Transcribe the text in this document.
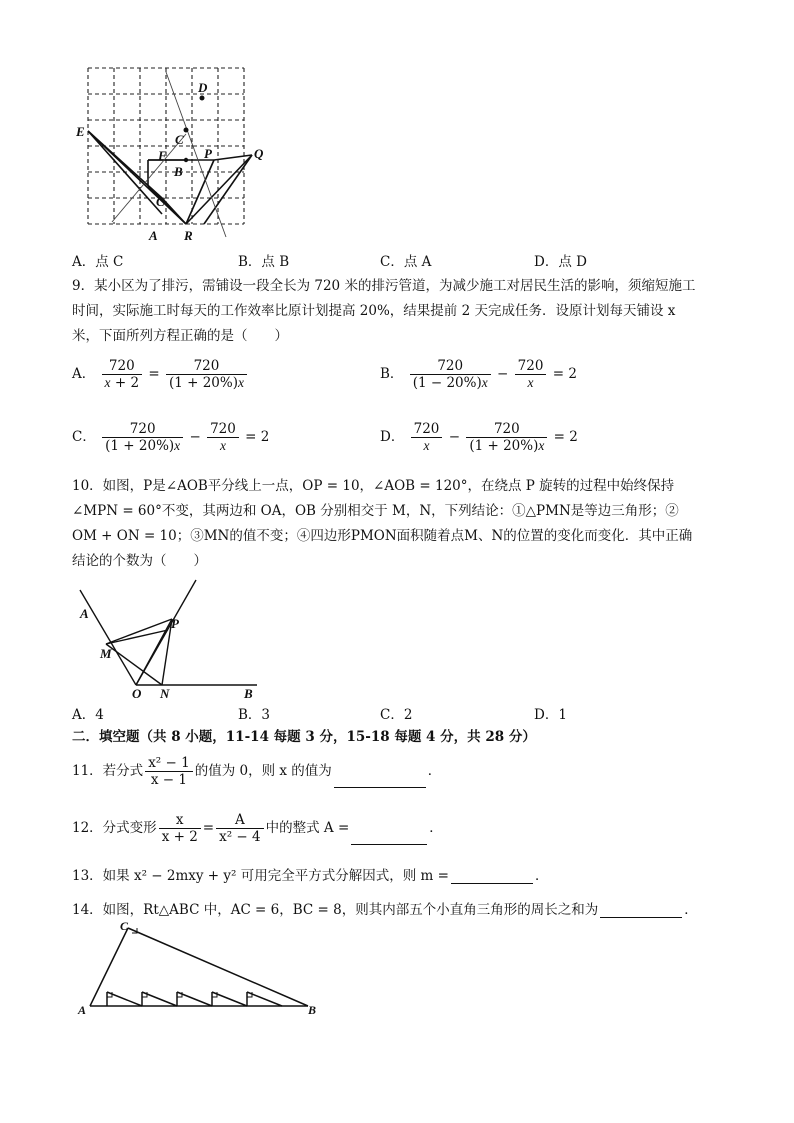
D
C
E
F	P	Q
B
C
A R
A．点 C	B．点 B	C．点 A	D．点 D
9．某小区为了排污，需铺设一段全长为 720 米的排污管道，为减少施工对居民生活的影响，须缩短施工
时间，实际施工时每天的工作效率比原计划提高 20%，结果提前 2 天完成任务．设原计划每天铺设 x
米，下面所列方程正确的是（　　）
A． $\frac{720}{x + 2} = \frac{720}{(1 + 20\%)x}$	B． $\frac{720}{(1 - 20\%)x} - \frac{720}{x} = 2$
C． $\frac{720}{(1 + 20\%)x} - \frac{720}{x} = 2$	D． $\frac{720}{x} - \frac{720}{(1 + 20\%)x} = 2$
10．如图，P是∠AOB平分线上一点，OP = 10，∠AOB = 120°，在绕点 P 旋转的过程中始终保持
∠MPN = 60°不变，其两边和 OA，OB 分别相交于 M，N，下列结论：①△PMN是等边三角形；②
OM + ON = 10；③MN的值不变；④四边形PMON面积随着点M、N的位置的变化而变化．其中正确
结论的个数为（　　）
A
M
P
O N	B
A．4	B．3	C．2	D．1
二．填空题（共 8 小题，11-14 每题 3 分，15-18 每题 4 分，共 28 分）
11．若分式 $\frac{\text{x² − 1}}{x - 1}$ 的值为 0，则 x 的值为	．
12．分式变形 $\frac{x}{x + 2} = \frac{A}{\text{x² − 4}}$ 中的整式 A =	．
13．如果 x² − 2mxy + y² 可用完全平方式分解因式，则 m =	．
14．如图，Rt△ABC 中，AC = 6，BC = 8，则其内部五个小直角三角形的周长之和为	．
C
A	B
